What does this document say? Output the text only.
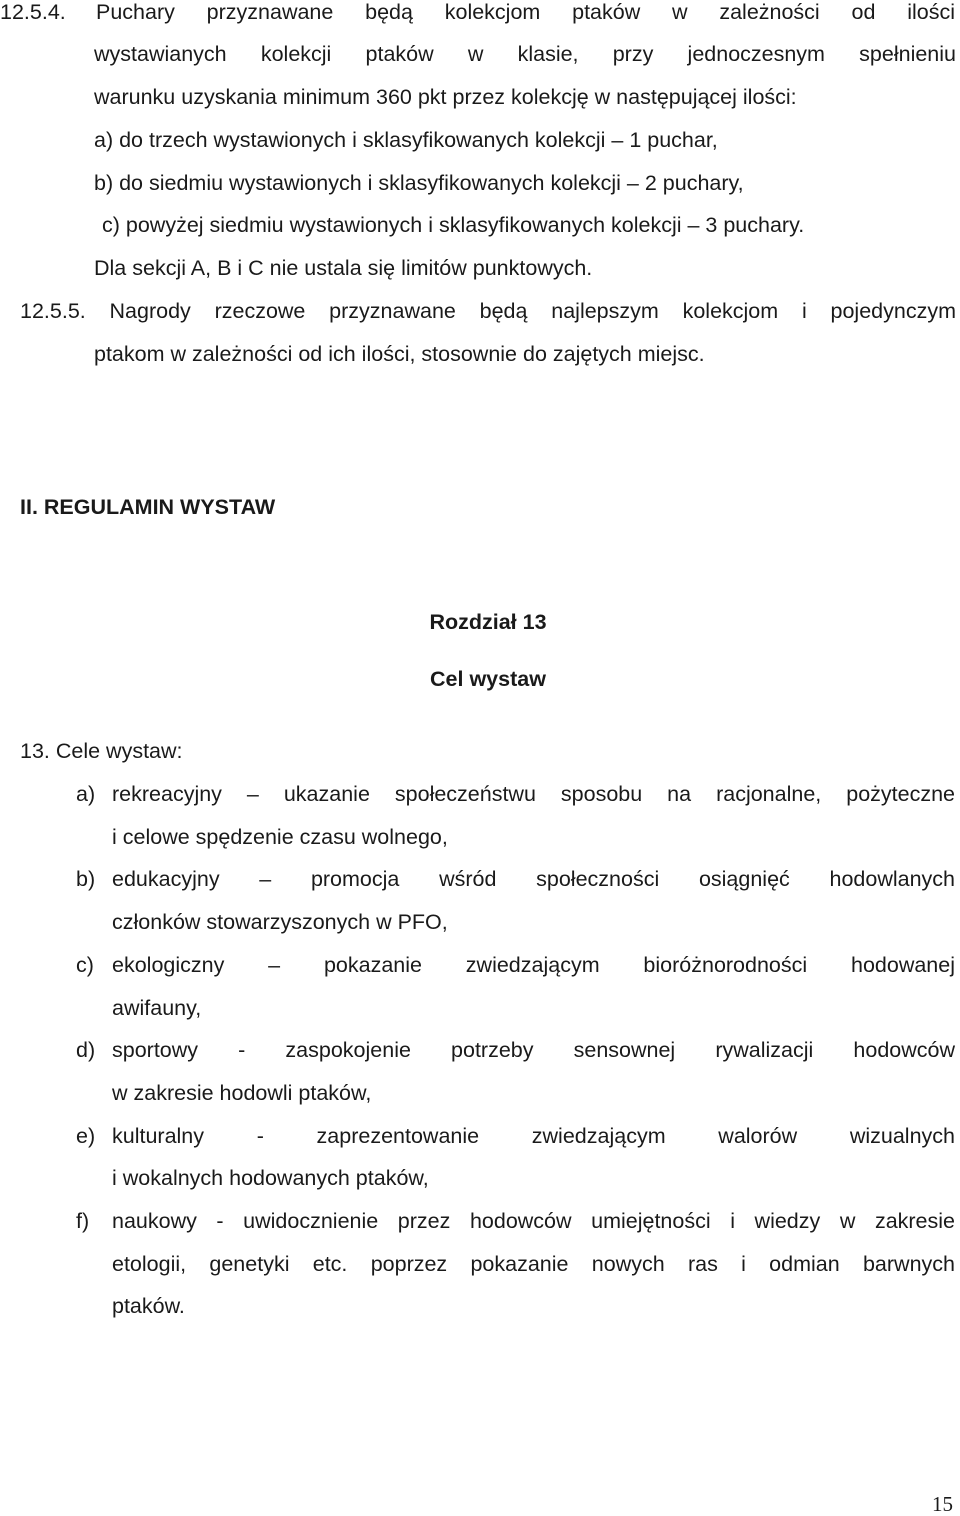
12.5.4. Puchary przyznawane będą kolekcjom ptaków w zależności od ilości
wystawianych kolekcji ptaków w klasie, przy jednoczesnym spełnieniu
warunku uzyskania minimum 360 pkt przez kolekcję w następującej ilości:
a) do trzech wystawionych i sklasyfikowanych kolekcji – 1 puchar,
b) do siedmiu wystawionych i sklasyfikowanych kolekcji – 2 puchary,
c) powyżej siedmiu wystawionych i sklasyfikowanych kolekcji – 3 puchary.
Dla sekcji A, B i C nie ustala się limitów punktowych.
12.5.5. Nagrody rzeczowe przyznawane będą najlepszym kolekcjom i pojedynczym
ptakom w zależności od ich ilości, stosownie do zajętych miejsc.
II. REGULAMIN WYSTAW
Rozdział 13
Cel wystaw
13. Cele wystaw:
a) rekreacyjny – ukazanie społeczeństwu sposobu na racjonalne, pożyteczne
i celowe spędzenie czasu wolnego,
b) edukacyjny – promocja wśród społeczności osiągnięć hodowlanych
członków stowarzyszonych w PFO,
c) ekologiczny – pokazanie zwiedzającym bioróżnorodności hodowanej
awifauny,
d) sportowy - zaspokojenie potrzeby sensownej rywalizacji hodowców
w zakresie hodowli ptaków,
e) kulturalny - zaprezentowanie zwiedzającym walorów wizualnych
i wokalnych hodowanych ptaków,
f) naukowy - uwidocznienie przez hodowców umiejętności i wiedzy w zakresie
etologii, genetyki etc. poprzez pokazanie nowych ras i odmian barwnych
ptaków.
15
